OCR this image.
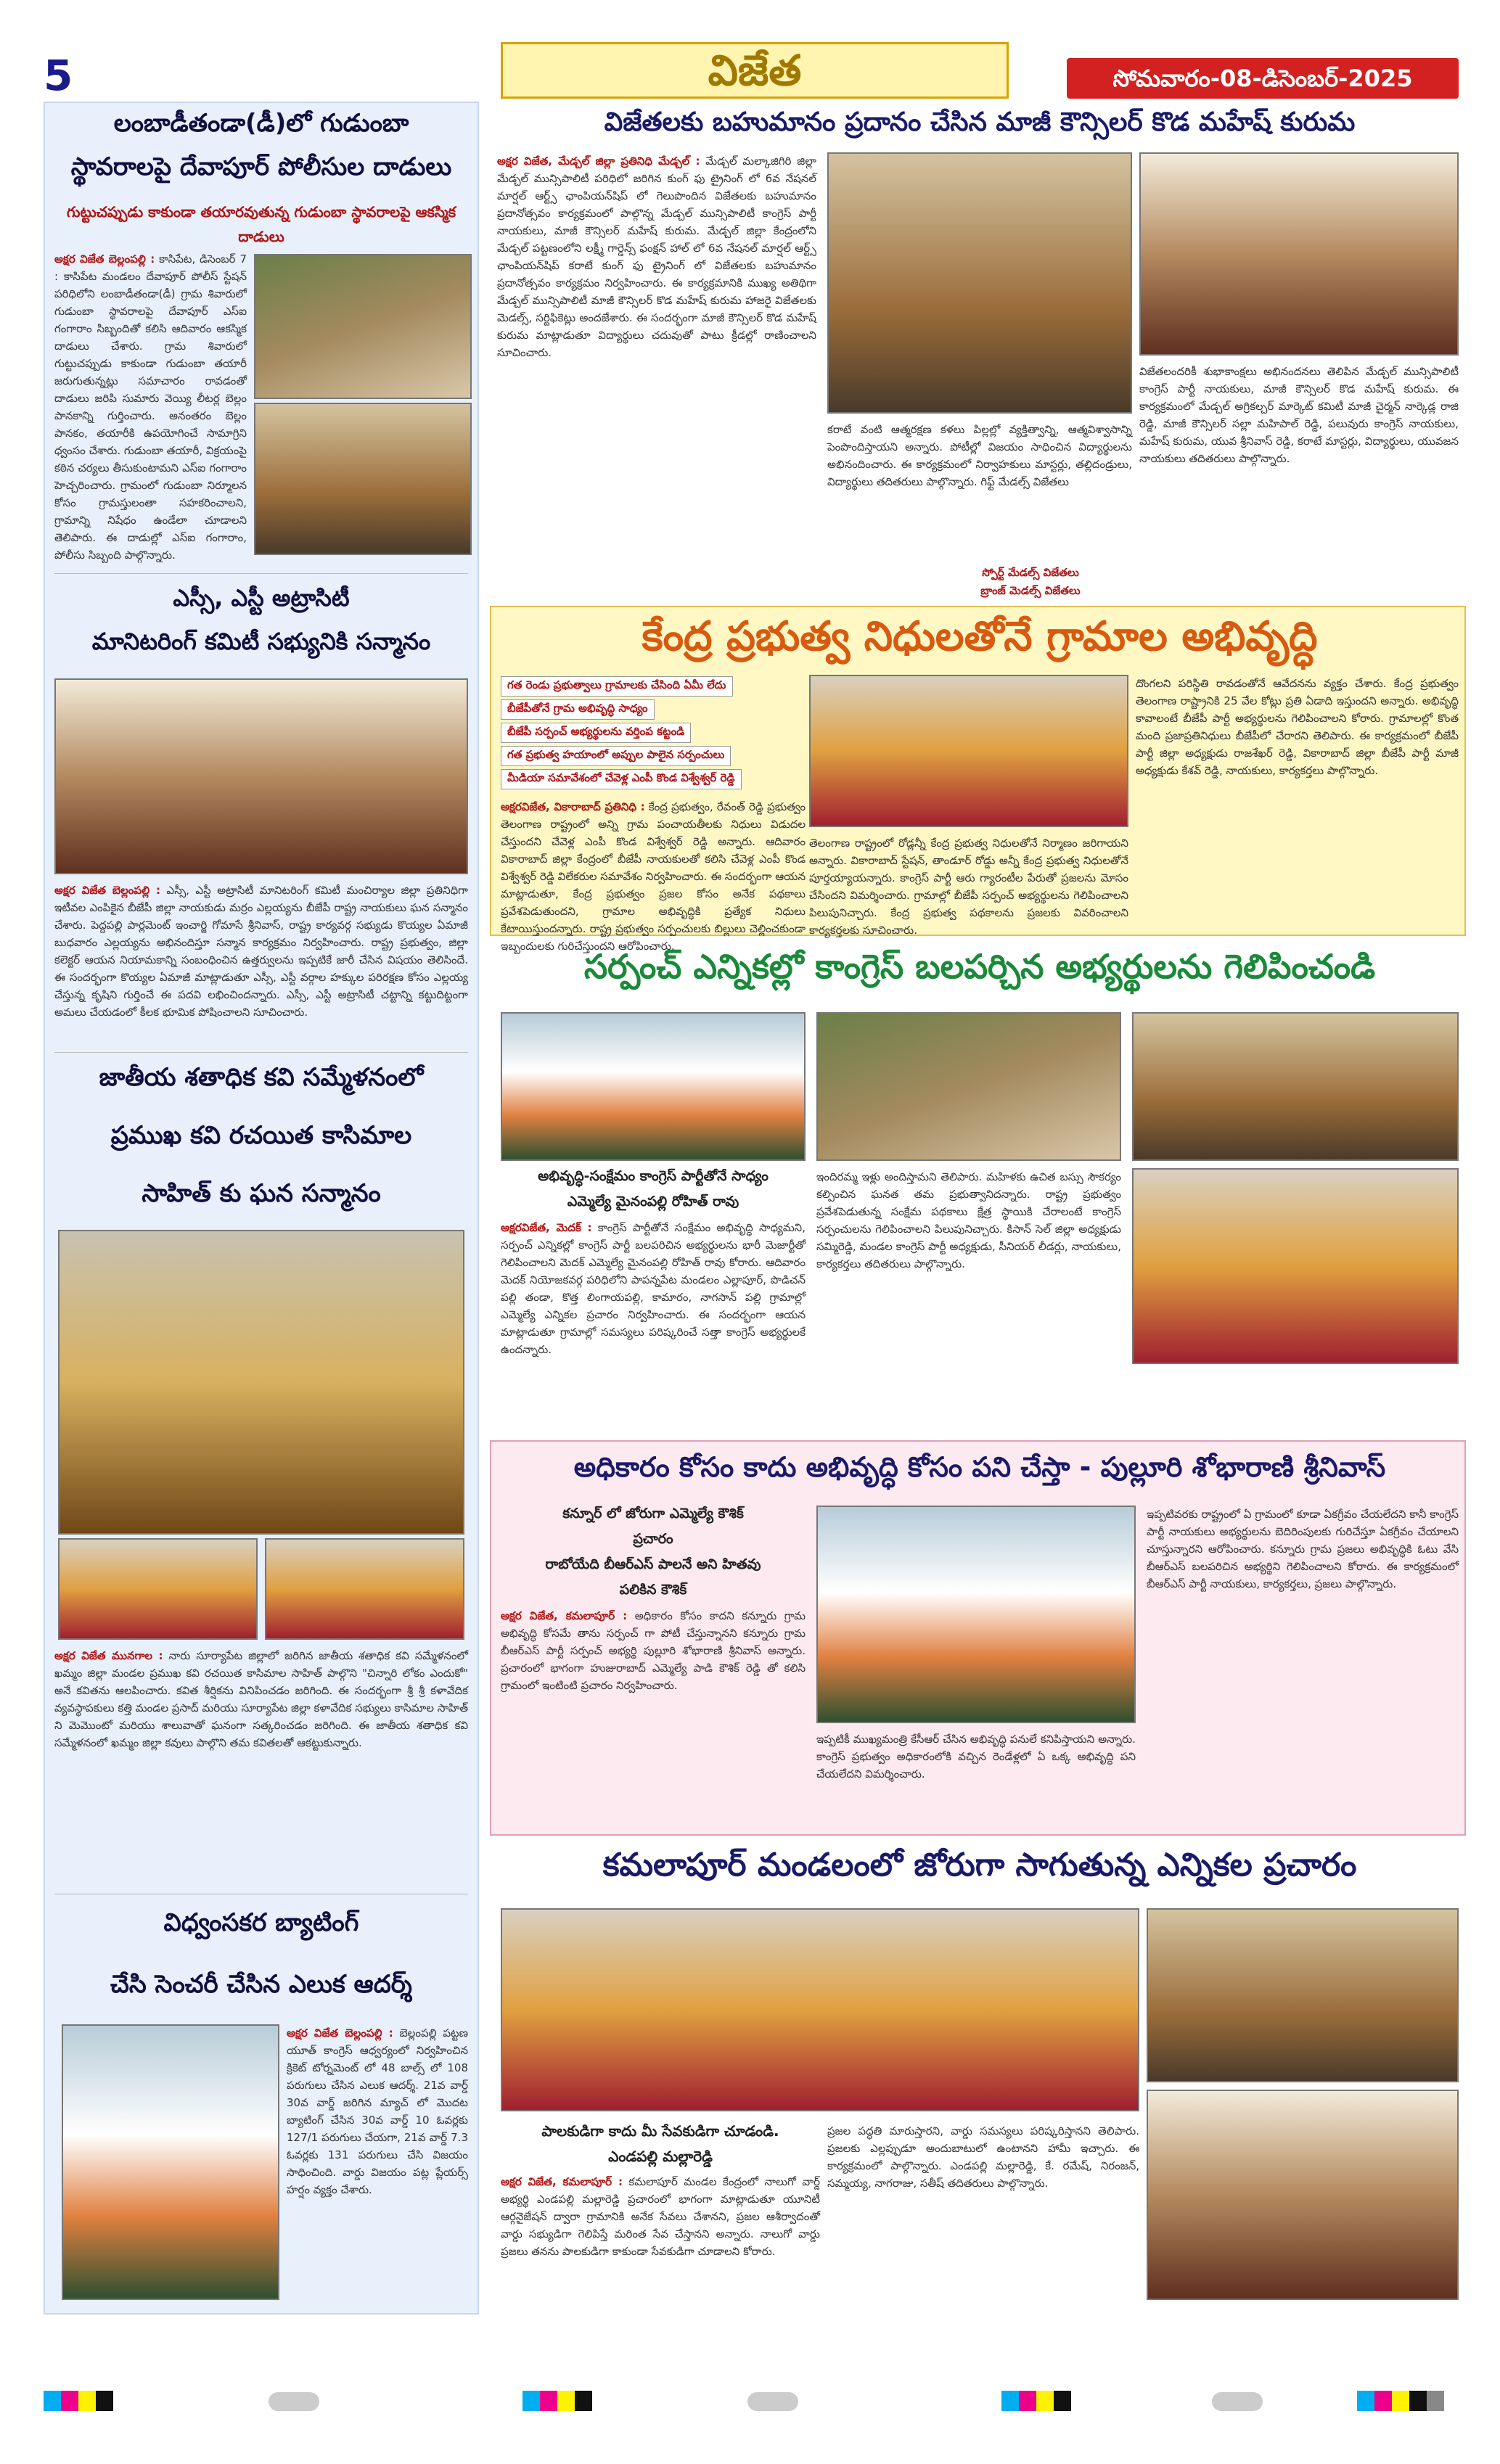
5	విజేత	సోమవారం-08-డిసెంబర్-2025
లంబాడీతండా(డీ)లో గుడుంబా
స్థావరాలపై దేవాపూర్ పోలీసుల దాడులు
గుట్టుచప్పుడు కాకుండా తయారవుతున్న గుడుంబా స్థావరాలపై ఆకస్మిక దాడులు
అక్షర విజేత బెల్లంపల్లి : కాసిపేట, డిసెంబర్ 7 : కాసిపేట మండలం దేవాపూర్ పోలీస్ స్టేషన్ పరిధిలోని లంబాడీతండా(డీ) గ్రామ శివారులో గుడుంబా స్థావరాలపై దేవాపూర్ ఎస్ఐ గంగారాం సిబ్బందితో కలిసి ఆదివారం ఆకస్మిక దాడులు చేశారు. గ్రామ శివారులో గుట్టుచప్పుడు కాకుండా గుడుంబా తయారీ జరుగుతున్నట్లు సమాచారం రావడంతో దాడులు జరిపి సుమారు వెయ్యి లీటర్ల బెల్లం పానకాన్ని గుర్తించారు. అనంతరం బెల్లం పానకం, తయారీకి ఉపయోగించే సామాగ్రిని ధ్వంసం చేశారు. గుడుంబా తయారీ, విక్రయంపై కఠిన చర్యలు తీసుకుంటామని ఎస్ఐ గంగారాం హెచ్చరించారు. గ్రామంలో గుడుంబా నిర్మూలన కోసం గ్రామస్తులంతా సహకరించాలని, గ్రామాన్ని నిషేధం ఉండేలా చూడాలని తెలిపారు. ఈ దాడుల్లో ఎస్ఐ గంగారాం, పోలీసు సిబ్బంది పాల్గొన్నారు.
ఎస్సీ, ఎస్టీ అట్రాసిటీ
మానిటరింగ్ కమిటీ సభ్యునికి సన్మానం
అక్షర విజేత బెల్లంపల్లి : ఎస్సీ, ఎస్టీ అట్రాసిటీ మానిటరింగ్ కమిటీ మంచిర్యాల జిల్లా ప్రతినిధిగా ఇటీవల ఎంపికైన బీజేపీ జిల్లా నాయకుడు మర్రం ఎల్లయ్యను బీజేపీ రాష్ట్ర నాయకులు ఘన సన్మానం చేశారు. పెద్దపల్లి పార్లమెంట్ ఇంచార్జి గోమాసే శ్రీనివాస్, రాష్ట్ర కార్యవర్గ సభ్యుడు కొయ్యల ఏమాజీ బుధవారం ఎల్లయ్యను అభినందిస్తూ సన్మాన కార్యక్రమం నిర్వహించారు. రాష్ట్ర ప్రభుత్వం, జిల్లా కలెక్టర్ ఆయన నియామకాన్ని సంబంధించిన ఉత్తర్వులను ఇప్పటికే జారీ చేసిన విషయం తెలిసిందే. ఈ సందర్భంగా కొయ్యల ఏమాజీ మాట్లాడుతూ ఎస్సీ, ఎస్టీ వర్గాల హక్కుల పరిరక్షణ కోసం ఎల్లయ్య చేస్తున్న కృషిని గుర్తించే ఈ పదవి లభించిందన్నారు. ఎస్సీ, ఎస్టీ అట్రాసిటీ చట్టాన్ని కట్టుదిట్టంగా అమలు చేయడంలో కీలక భూమిక పోషించాలని సూచించారు.
జాతీయ శతాధిక కవి సమ్మేళనంలో
ప్రముఖ కవి రచయిత కాసిమాల
సాహిత్ కు ఘన సన్మానం
అక్షర విజేత మునగాల : నారు సూర్యాపేట జిల్లాలో జరిగిన జాతీయ శతాధిక కవి సమ్మేళనంలో ఖమ్మం జిల్లా మండల ప్రముఖ కవి రచయిత కాసిమాల సాహిత్ పాల్గొని "చిన్నారి లోకం ఎందుకో" అనే కవితను ఆలపించారు. కవిత శీర్షికను వినిపించడం జరిగింది. ఈ సందర్భంగా శ్రీ శ్రీ కళావేదిక వ్యవస్థాపకులు కత్తి మండల ప్రసాద్ మరియు సూర్యాపేట జిల్లా కళావేదిక సభ్యులు కాసిమాల సాహిత్ ని మెమొంటో మరియు శాలువాతో ఘనంగా సత్కరించడం జరిగింది. ఈ జాతీయ శతాధిక కవి సమ్మేళనంలో ఖమ్మం జిల్లా కవులు పాల్గొని తమ కవితలతో ఆకట్టుకున్నారు.
విధ్వంసకర బ్యాటింగ్
చేసి సెంచరీ చేసిన ఎలుక ఆదర్శ్
అక్షర విజేత బెల్లంపల్లి : బెల్లంపల్లి పట్టణ యూత్ కాంగ్రెస్ ఆధ్వర్యంలో నిర్వహించిన క్రికెట్ టోర్నమెంట్ లో 48 బాల్స్ లో 108 పరుగులు చేసిన ఎలుక ఆదర్శ్. 21వ వార్డ్ 30వ వార్డ్ జరిగిన మ్యాచ్ లో మొదట బ్యాటింగ్ చేసిన 30వ వార్డ్ 10 ఓవర్లకు 127/1 పరుగులు చేయగా, 21వ వార్డ్ 7.3 ఓవర్లకు 131 పరుగులు చేసి విజయం సాధించింది. వార్డు విజయం పట్ల ప్లేయర్స్ హర్షం వ్యక్తం చేశారు.
విజేతలకు బహుమానం ప్రదానం చేసిన మాజీ కౌన్సిలర్ కొడ మహేష్ కురుమ
అక్షర విజేత, మేడ్చల్ జిల్లా ప్రతినిధి మేడ్చల్ : మేడ్చల్ మల్కాజిగిరి జిల్లా మేడ్చల్ మున్సిపాలిటీ పరిధిలో జరిగిన కుంగ్ ఫు ట్రైనింగ్ లో 6వ నేషనల్ మార్షల్ ఆర్ట్స్ ఛాంపియన్‌షిప్ లో గెలుపొందిన విజేతలకు బహుమానం ప్రదానోత్సవం కార్యక్రమంలో పాల్గొన్న మేడ్చల్ మున్సిపాలిటీ కాంగ్రెస్ పార్టీ నాయకులు, మాజీ కౌన్సిలర్ మహేష్ కురుమ. మేడ్చల్ జిల్లా కేంద్రంలోని మేడ్చల్ పట్టణంలోని లక్ష్మీ గార్డెన్స్ ఫంక్షన్ హాల్ లో 6వ నేషనల్ మార్షల్ ఆర్ట్స్ ఛాంపియన్‌షిప్ కరాటే కుంగ్ ఫు ట్రైనింగ్ లో విజేతలకు బహుమానం ప్రదానోత్సవం కార్యక్రమం నిర్వహించారు. ఈ కార్యక్రమానికి ముఖ్య అతిథిగా మేడ్చల్ మున్సిపాలిటీ మాజీ కౌన్సిలర్ కొడ మహేష్ కురుమ హాజరై విజేతలకు మెడల్స్, సర్టిఫికెట్లు అందజేశారు. ఈ సందర్భంగా మాజీ కౌన్సిలర్ కొడ మహేష్ కురుమ మాట్లాడుతూ విద్యార్థులు చదువుతో పాటు క్రీడల్లో రాణించాలని సూచించారు.
కరాటే వంటి ఆత్మరక్షణ కళలు పిల్లల్లో వ్యక్తిత్వాన్ని, ఆత్మవిశ్వాసాన్ని పెంపొందిస్తాయని అన్నారు. పోటీల్లో విజయం సాధించిన విద్యార్థులను అభినందించారు. ఈ కార్యక్రమంలో నిర్వాహకులు మాస్టర్లు, తల్లిదండ్రులు, విద్యార్థులు తదితరులు పాల్గొన్నారు. గిఫ్ట్ మేడల్స్ విజేతలు
స్పోర్ట్ మేడల్స్ విజేతలు
బ్రాంజ్ మెడల్స్ విజేతలు
విజేతలందరికీ శుభాకాంక్షలు అభినందనలు తెలిపిన మేడ్చల్ మున్సిపాలిటీ కాంగ్రెస్ పార్టీ నాయకులు, మాజీ కౌన్సిలర్ కొడ మహేష్ కురుమ. ఈ కార్యక్రమంలో మేడ్చల్ అగ్రికల్చర్ మార్కెట్ కమిటీ మాజీ చైర్మన్ నార్కెడ్ల రాజి రెడ్డి, మాజీ కౌన్సిలర్ సల్లా మహిపాల్ రెడ్డి, పలువురు కాంగ్రెస్ నాయకులు, మహేష్ కురుమ, యువ శ్రీనివాస్ రెడ్డి, కరాటే మాస్టర్లు, విద్యార్థులు, యువజన నాయకులు తదితరులు పాల్గొన్నారు.
కేంద్ర ప్రభుత్వ నిధులతోనే గ్రామాల అభివృద్ధి
గత రెండు ప్రభుత్వాలు గ్రామాలకు చేసింది ఏమీ లేదు
బీజేపీతోనే గ్రామ అభివృద్ధి సాధ్యం
బీజేపీ సర్పంచ్ అభ్యర్థులను వర్తింప కట్టండి
గత ప్రభుత్వ హయాంలో అప్పుల పాలైన సర్పంచులు
మీడియా సమావేశంలో చేవెళ్ల ఎంపీ కొండ విశ్వేశ్వర్ రెడ్డి
అక్షరవిజేత, వికారాబాద్ ప్రతినిధి : కేంద్ర ప్రభుత్వం, రేవంత్ రెడ్డి ప్రభుత్వం తెలంగాణ రాష్ట్రంలో అన్ని గ్రామ పంచాయతీలకు నిధులు విడుదల చేస్తుందని చేవెళ్ల ఎంపీ కొండ విశ్వేశ్వర్ రెడ్డి అన్నారు. ఆదివారం వికారాబాద్ జిల్లా కేంద్రంలో బీజేపీ నాయకులతో కలిసి చేవెళ్ల ఎంపీ కొండ విశ్వేశ్వర్ రెడ్డి విలేకరుల సమావేశం నిర్వహించారు. ఈ సందర్భంగా ఆయన మాట్లాడుతూ, కేంద్ర ప్రభుత్వం ప్రజల కోసం అనేక పథకాలు ప్రవేశపెడుతుందని, గ్రామాల అభివృద్ధికి ప్రత్యేక నిధులు కేటాయిస్తుందన్నారు. రాష్ట్ర ప్రభుత్వం సర్పంచులకు బిల్లులు చెల్లించకుండా ఇబ్బందులకు గురిచేస్తుందని ఆరోపించారు.
తెలంగాణ రాష్ట్రంలో రోడ్లన్నీ కేంద్ర ప్రభుత్వ నిధులతోనే నిర్మాణం జరిగాయని అన్నారు. వికారాబాద్ స్టేషన్, తాండూర్ రోడ్డు అన్నీ కేంద్ర ప్రభుత్వ నిధులతోనే పూర్తయ్యాయన్నారు. కాంగ్రెస్ పార్టీ ఆరు గ్యారంటీల పేరుతో ప్రజలను మోసం చేసిందని విమర్శించారు. గ్రామాల్లో బీజేపీ సర్పంచ్ అభ్యర్థులను గెలిపించాలని పిలుపునిచ్చారు. కేంద్ర ప్రభుత్వ పథకాలను ప్రజలకు వివరించాలని కార్యకర్తలకు సూచించారు.
దొంగలని పరిస్థితి రావడంతోనే ఆవేదనను వ్యక్తం చేశారు. కేంద్ర ప్రభుత్వం తెలంగాణ రాష్ట్రానికి 25 వేల కోట్లు ప్రతి ఏడాది ఇస్తుందని అన్నారు. అభివృద్ధి కావాలంటే బీజేపీ పార్టీ అభ్యర్థులను గెలిపించాలని కోరారు. గ్రామాలల్లో కొంత మంది ప్రజాప్రతినిధులు బీజేపీలో చేరారని తెలిపారు. ఈ కార్యక్రమంలో బీజేపీ పార్టీ జిల్లా అధ్యక్షుడు రాజశేఖర్ రెడ్డి, వికారాబాద్ జిల్లా బీజేపీ పార్టీ మాజీ అధ్యక్షుడు కేశవ్ రెడ్డి, నాయకులు, కార్యకర్తలు పాల్గొన్నారు.
సర్పంచ్ ఎన్నికల్లో కాంగ్రెస్ బలపర్చిన అభ్యర్థులను గెలిపించండి
అభివృద్ధి-సంక్షేమం కాంగ్రెస్ పార్టీతోనే సాధ్యం
ఎమ్మెల్యే మైనంపల్లి రోహిత్ రావు
అక్షరవిజేత, మెదక్ : కాంగ్రెస్ పార్టీతోనే సంక్షేమం అభివృద్ధి సాధ్యమని, సర్పంచ్ ఎన్నికల్లో కాంగ్రెస్ పార్టీ బలపరిచిన అభ్యర్థులను భారీ మెజార్టీతో గెలిపించాలని మెదక్ ఎమ్మెల్యే మైనంపల్లి రోహిత్ రావు కోరారు. ఆదివారం మెదక్ నియోజకవర్గ పరిధిలోని పాపన్నపేట మండలం ఎల్లాపూర్, పొడిచన్ పల్లి తండా, కొత్త లింగాయపల్లి, కామారం, నాగసాన్ పల్లి గ్రామాల్లో ఎమ్మెల్యే ఎన్నికల ప్రచారం నిర్వహించారు. ఈ సందర్భంగా ఆయన మాట్లాడుతూ గ్రామాల్లో సమస్యలు పరిష్కరించే సత్తా కాంగ్రెస్ అభ్యర్థులకే ఉందన్నారు.
ఇందిరమ్మ ఇళ్లు అందిస్తామని తెలిపారు. మహిళకు ఉచిత బస్సు సౌకర్యం కల్పించిన ఘనత తమ ప్రభుత్వానిదన్నారు. రాష్ట్ర ప్రభుత్వం ప్రవేశపెడుతున్న సంక్షేమ పథకాలు క్షేత్ర స్థాయికి చేరాలంటే కాంగ్రెస్ సర్పంచులను గెలిపించాలని పిలుపునిచ్చారు. కిసాన్ సెల్ జిల్లా అధ్యక్షుడు సమ్మిరెడ్డి, మండల కాంగ్రెస్ పార్టీ అధ్యక్షుడు, సీనియర్ లీడర్లు, నాయకులు, కార్యకర్తలు తదితరులు పాల్గొన్నారు.
అధికారం కోసం కాదు అభివృద్ధి కోసం పని చేస్తా - పుల్లూరి శోభారాణి శ్రీనివాస్
కన్నూర్ లో జోరుగా ఎమ్మెల్యే కౌశిక్
ప్రచారం
రాబోయేది బీఆర్ఎస్ పాలనే అని హితవు
పలికిన కౌశిక్
అక్షర విజేత, కమలాపూర్ : అధికారం కోసం కాదని కన్నూరు గ్రామ అభివృద్ధి కోసమే తాను సర్పంచ్ గా పోటీ చేస్తున్నానని కన్నూరు గ్రామ బీఆర్ఎస్ పార్టీ సర్పంచ్ అభ్యర్థి పుల్లూరి శోభారాణి శ్రీనివాస్ అన్నారు. ప్రచారంలో భాగంగా హుజురాబాద్ ఎమ్మెల్యే పాడి కౌశిక్ రెడ్డి తో కలిసి గ్రామంలో ఇంటింటి ప్రచారం నిర్వహించారు.
ఇప్పటికీ ముఖ్యమంత్రి కేసీఆర్ చేసిన అభివృద్ధి పనులే కనిపిస్తాయని అన్నారు. కాంగ్రెస్ ప్రభుత్వం అధికారంలోకి వచ్చిన రెండేళ్లలో ఏ ఒక్క అభివృద్ధి పని చేయలేదని విమర్శించారు.
ఇప్పటివరకు రాష్ట్రంలో ఏ గ్రామంలో కూడా ఏకగ్రీవం చేయలేదని కానీ కాంగ్రెస్ పార్టీ నాయకులు అభ్యర్థులను బెదిరింపులకు గురిచేస్తూ ఏకగ్రీవం చేయాలని చూస్తున్నారని ఆరోపించారు. కన్నూరు గ్రామ ప్రజలు అభివృద్ధికి ఓటు వేసి బీఆర్ఎస్ బలపరిచిన అభ్యర్థిని గెలిపించాలని కోరారు. ఈ కార్యక్రమంలో బీఆర్ఎస్ పార్టీ నాయకులు, కార్యకర్తలు, ప్రజలు పాల్గొన్నారు.
కమలాపూర్ మండలంలో జోరుగా సాగుతున్న ఎన్నికల ప్రచారం
పాలకుడిగా కాదు మీ సేవకుడిగా చూడండి.
ఎండపల్లి మల్లారెడ్డి
అక్షర విజేత, కమలాపూర్ : కమలాపూర్ మండల కేంద్రంలో నాలుగో వార్డ్ అభ్యర్థి ఎండపల్లి మల్లారెడ్డి ప్రచారంలో భాగంగా మాట్లాడుతూ యూనిటీ ఆర్గనైజేషన్ ద్వారా గ్రామానికి అనేక సేవలు చేశానని, ప్రజల ఆశీర్వాదంతో వార్డు సభ్యుడిగా గెలిపిస్తే మరింత సేవ చేస్తానని అన్నారు. నాలుగో వార్డు ప్రజలు తనను పాలకుడిగా కాకుండా సేవకుడిగా చూడాలని కోరారు.
ప్రజల పద్ధతి మారుస్తారని, వార్డు సమస్యలు పరిష్కరిస్తానని తెలిపారు. ప్రజలకు ఎల్లప్పుడూ అందుబాటులో ఉంటానని హామీ ఇచ్చారు. ఈ కార్యక్రమంలో పాల్గొన్నారు. ఎండపల్లి మల్లారెడ్డి, కే. రమేష్, నిరంజన్, సమ్మయ్య, నాగరాజు, సతీష్ తదితరులు పాల్గొన్నారు.
